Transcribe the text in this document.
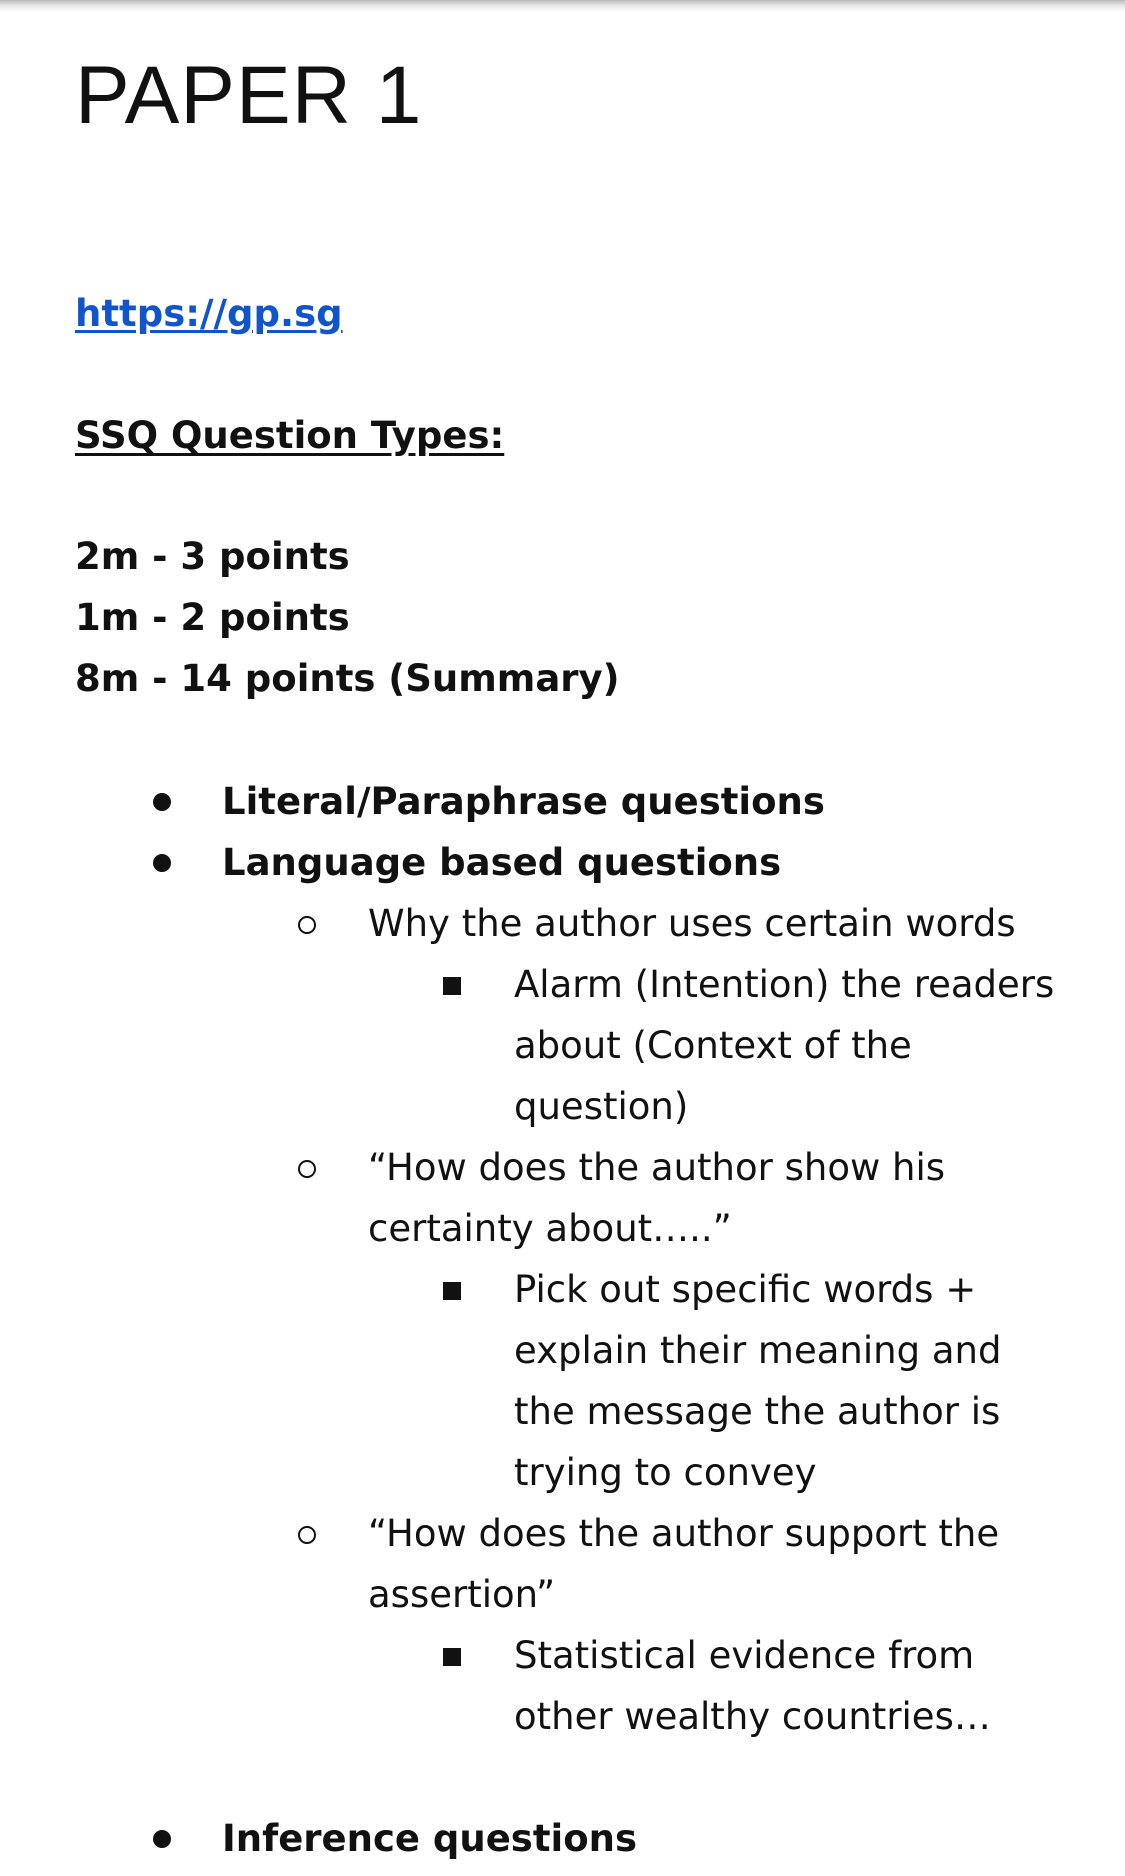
PAPER 1
https://gp.sg
SSQ Question Types:
2m - 3 points
1m - 2 points
8m - 14 points (Summary)
Literal/Paraphrase questions
Language based questions
Why the author uses certain words
Alarm (Intention) the readers
about (Context of the
question)
“How does the author show his
certainty about…..”
Pick out specific words +
explain their meaning and
the message the author is
trying to convey
“How does the author support the
assertion”
Statistical evidence from
other wealthy countries…
Inference questions
